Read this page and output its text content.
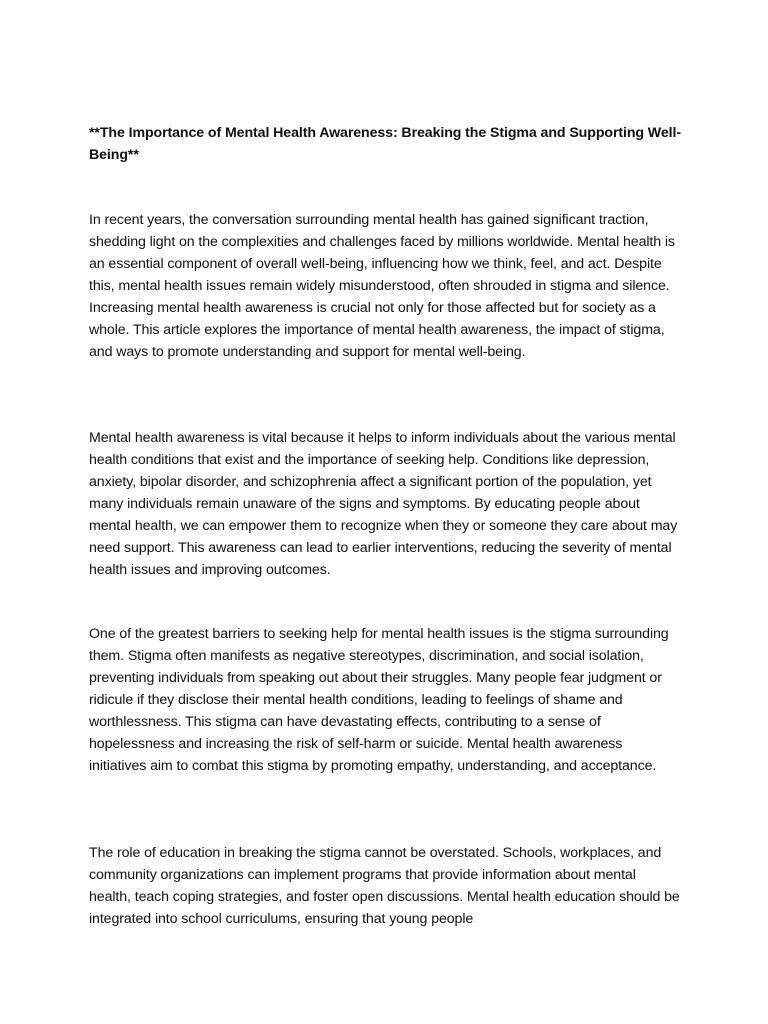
**The Importance of Mental Health Awareness: Breaking the Stigma and Supporting Well-Being**

In recent years, the conversation surrounding mental health has gained significant traction, shedding light on the complexities and challenges faced by millions worldwide. Mental health is an essential component of overall well-being, influencing how we think, feel, and act. Despite this, mental health issues remain widely misunderstood, often shrouded in stigma and silence. Increasing mental health awareness is crucial not only for those affected but for society as a whole. This article explores the importance of mental health awareness, the impact of stigma, and ways to promote understanding and support for mental well-being.

Mental health awareness is vital because it helps to inform individuals about the various mental health conditions that exist and the importance of seeking help. Conditions like depression, anxiety, bipolar disorder, and schizophrenia affect a significant portion of the population, yet many individuals remain unaware of the signs and symptoms. By educating people about mental health, we can empower them to recognize when they or someone they care about may need support. This awareness can lead to earlier interventions, reducing the severity of mental health issues and improving outcomes.

One of the greatest barriers to seeking help for mental health issues is the stigma surrounding them. Stigma often manifests as negative stereotypes, discrimination, and social isolation, preventing individuals from speaking out about their struggles. Many people fear judgment or ridicule if they disclose their mental health conditions, leading to feelings of shame and worthlessness. This stigma can have devastating effects, contributing to a sense of hopelessness and increasing the risk of self-harm or suicide. Mental health awareness initiatives aim to combat this stigma by promoting empathy, understanding, and acceptance.

The role of education in breaking the stigma cannot be overstated. Schools, workplaces, and community organizations can implement programs that provide information about mental health, teach coping strategies, and foster open discussions. Mental health education should be integrated into school curriculums, ensuring that young people
